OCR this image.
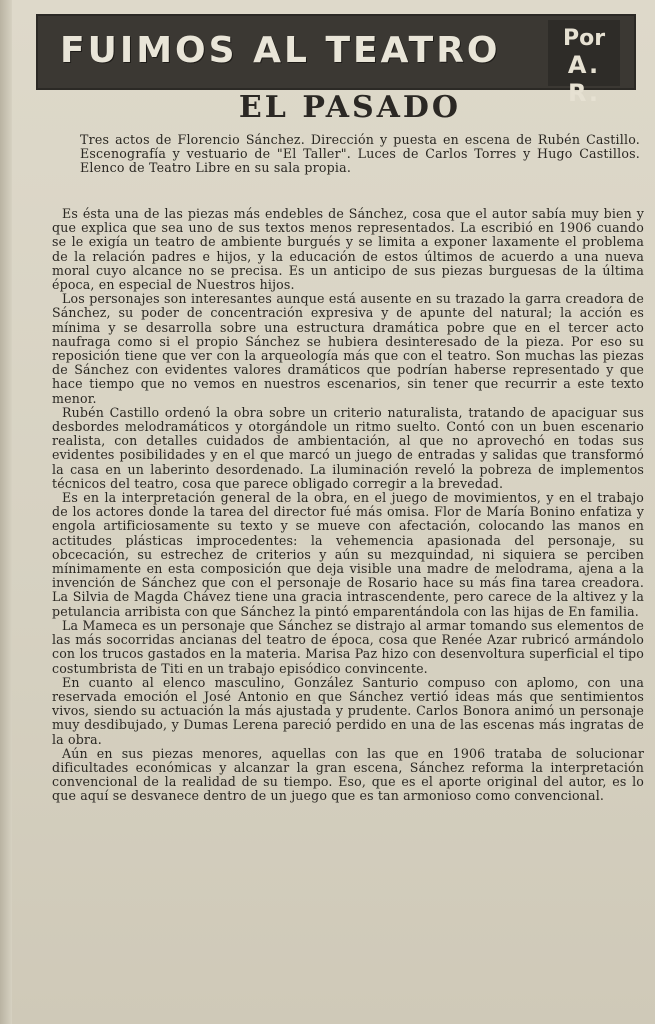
FUIMOS AL TEATRO	Por
A. R.
EL PASADO
Tres actos de Florencio Sánchez. Dirección y puesta en escena de Rubén Castillo. Escenografía y vestuario de "El Taller". Luces de Carlos Torres y Hugo Castillos. Elenco de Teatro Libre en su sala propia.

Es ésta una de las piezas más endebles de Sánchez, cosa que el autor sabía muy bien y que explica que sea uno de sus textos menos representados. La escribió en 1906 cuando se le exigía un teatro de ambiente burgués y se limita a exponer laxamente el problema de la relación padres e hijos, y la educación de estos últimos de acuerdo a una nueva moral cuyo alcance no se precisa. Es un anticipo de sus piezas burguesas de la última época, en especial de Nuestros hijos.

Los personajes son interesantes aunque está ausente en su trazado la garra creadora de Sánchez, su poder de concentración expresiva y de apunte del natural; la acción es mínima y se desarrolla sobre una estructura dramática pobre que en el tercer acto naufraga como si el propio Sánchez se hubiera desinteresado de la pieza. Por eso su reposición tiene que ver con la arqueología más que con el teatro. Son muchas las piezas de Sánchez con evidentes valores dramáticos que podrían haberse representado y que hace tiempo que no vemos en nuestros escenarios, sin tener que recurrir a este texto menor.

Rubén Castillo ordenó la obra sobre un criterio naturalista, tratando de apaciguar sus desbordes melodramáticos y otorgándole un ritmo suelto. Contó con un buen escenario realista, con detalles cuidados de ambientación, al que no aprovechó en todas sus evidentes posibilidades y en el que marcó un juego de entradas y salidas que transformó la casa en un laberinto desordenado. La iluminación reveló la pobreza de implementos técnicos del teatro, cosa que parece obligado corregir a la brevedad.

Es en la interpretación general de la obra, en el juego de movimientos, y en el trabajo de los actores donde la tarea del director fué más omisa. Flor de María Bonino enfatiza y engola artificiosamente su texto y se mueve con afectación, colocando las manos en actitudes plásticas improcedentes: la vehemencia apasionada del personaje, su obcecación, su estrechez de criterios y aún su mezquindad, ni siquiera se perciben mínimamente en esta composición que deja visible una madre de melodrama, ajena a la invención de Sánchez que con el personaje de Rosario hace su más fina tarea creadora. La Silvia de Magda Chávez tiene una gracia intrascendente, pero carece de la altivez y la petulancia arribista con que Sánchez la pintó emparentándola con las hijas de En familia.

La Mameca es un personaje que Sánchez se distrajo al armar tomando sus elementos de las más socorridas ancianas del teatro de época, cosa que Renée Azar rubricó armándolo con los trucos gastados en la materia. Marisa Paz hizo con desenvoltura superficial el tipo costumbrista de Titi en un trabajo episódico convincente.

En cuanto al elenco masculino, González Santurio compuso con aplomo, con una reservada emoción el José Antonio en que Sánchez vertió ideas más que sentimientos vivos, siendo su actuación la más ajustada y prudente. Carlos Bonora animó un personaje muy desdibujado, y Dumas Lerena pareció perdido en una de las escenas más ingratas de la obra.

Aún en sus piezas menores, aquellas con las que en 1906 trataba de solucionar dificultades económicas y alcanzar la gran escena, Sánchez reforma la interpretación convencional de la realidad de su tiempo. Eso, que es el aporte original del autor, es lo que aquí se desvanece dentro de un juego que es tan armonioso como convencional.
